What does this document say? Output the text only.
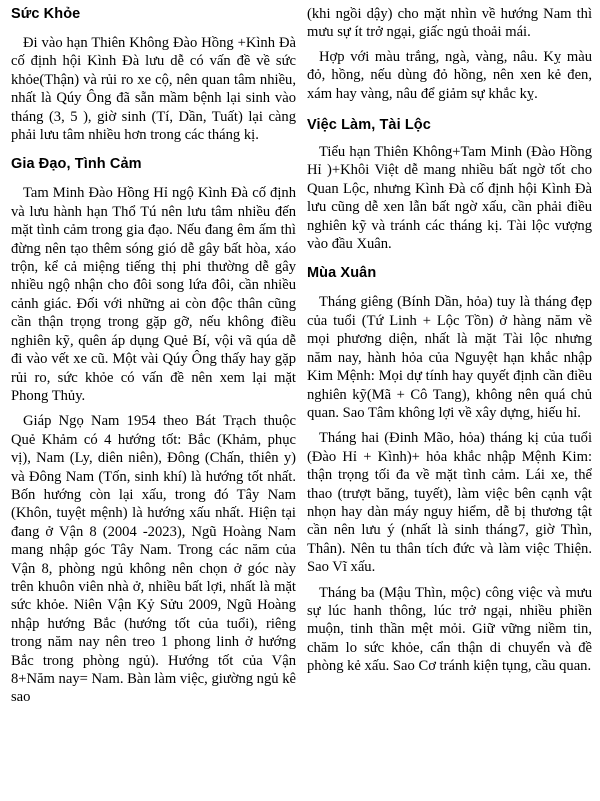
Sức Khỏe

Đi vào hạn Thiên Không Đào Hồng +Kình Đà cố định hội Kình Đà lưu dễ có vấn đề về sức khỏe(Thận) và rủi ro xe cộ, nên quan tâm nhiều, nhất là Qúy Ông đã sẵn mầm bệnh lại sinh vào tháng (3, 5 ), giờ sinh (Tí, Dần, Tuất) lại càng phải lưu tâm nhiều hơn trong các tháng kị.

Gia Đạo, Tình Cảm

Tam Minh Đào Hồng Hỉ ngộ Kình Đà cố định và lưu hành hạn Thổ Tú nên lưu tâm nhiều đến mặt tình cảm trong gia đạo. Nếu đang êm ấm thì đừng nên tạo thêm sóng gió dễ gây bất hòa, xáo trộn, kể cả miệng tiếng thị phi thường dễ gây nhiều ngộ nhận cho đôi song lứa đôi, cần nhiều cảnh giác. Đối với những ai còn độc thân cũng cần thận trọng trong gặp gỡ, nếu không điều nghiên kỹ, quên áp dụng Quẻ Bí, vội vã qúa dễ đi vào vết xe cũ. Một vài Qúy Ông thấy hay gặp rủi ro, sức khỏe có vấn đề nên xem lại mặt Phong Thủy.

Giáp Ngọ Nam 1954 theo Bát Trạch thuộc Quẻ Khảm có 4 hướng tốt: Bắc (Khảm, phục vị), Nam (Ly, diên niên), Đông (Chấn, thiên y) và Đông Nam (Tốn, sinh khí) là hướng tốt nhất. Bốn hướng còn lại xấu, trong đó Tây Nam (Khôn, tuyệt mệnh) là hướng xấu nhất. Hiện tại đang ở Vận 8 (2004 -2023), Ngũ Hoàng Nam mang nhập góc Tây Nam. Trong các năm của Vận 8, phòng ngủ không nên chọn ở góc này trên khuôn viên nhà ở, nhiều bất lợi, nhất là mặt sức khỏe. Niên Vận Kỷ Sửu 2009, Ngũ Hoàng nhập hướng Bắc (hướng tốt của tuổi), riêng trong năm nay nên treo 1 phong linh ở hướng Bắc trong phòng ngủ). Hướng tốt của Vận 8+Năm nay= Nam. Bàn làm việc, giường ngủ kê sao

(khi ngồi dậy) cho mặt nhìn về hướng Nam thì mưu sự ít trở ngại, giấc ngủ thoải mái.

Hợp với màu trắng, ngà, vàng, nâu. Kỵ màu đỏ, hồng, nếu dùng đỏ hồng, nên xen kẻ đen, xám hay vàng, nâu để giảm sự khắc kỵ.

Việc Làm, Tài Lộc

Tiểu hạn Thiên Không+Tam Minh (Đào Hồng Hỉ )+Khôi Việt dễ mang nhiều bất ngờ tốt cho Quan Lộc, nhưng Kình Đà cố định hội Kình Đà lưu cũng dễ xen lẫn bất ngờ xấu, cần phải điều nghiên kỹ và tránh các tháng kị. Tài lộc vượng vào đầu Xuân.

Mùa Xuân

Tháng giêng (Bính Dần, hỏa) tuy là tháng đẹp của tuổi (Tứ Linh + Lộc Tồn) ở hàng năm về mọi phương diện, nhất là mặt Tài lộc nhưng năm nay, hành hỏa của Nguyệt hạn khắc nhập Kim Mệnh: Mọi dự tính hay quyết định cần điều nghiên kỹ(Mã + Cô Tang), không nên quá chủ quan. Sao Tâm không lợi về xây dựng, hiếu hỉ.

Tháng hai (Đinh Mão, hỏa) tháng kị của tuổi (Đào Hỉ + Kình)+ hỏa khắc nhập Mệnh Kim: thận trọng tối đa về mặt tình cảm. Lái xe, thể thao (trượt băng, tuyết), làm việc bên cạnh vật nhọn hay dàn máy nguy hiểm, dễ bị thương tật cần nên lưu ý (nhất là sinh tháng7, giờ Thìn, Thân). Nên tu thân tích đức và làm việc Thiện. Sao Vĩ xấu.

Tháng ba (Mậu Thìn, mộc) công việc và mưu sự lúc hanh thông, lúc trở ngại, nhiều phiền muộn, tinh thần mệt mỏi. Giữ vững niềm tin, chăm lo sức khỏe, cẩn thận di chuyển và đề phòng kẻ xấu. Sao Cơ tránh kiện tụng, cầu quan.
